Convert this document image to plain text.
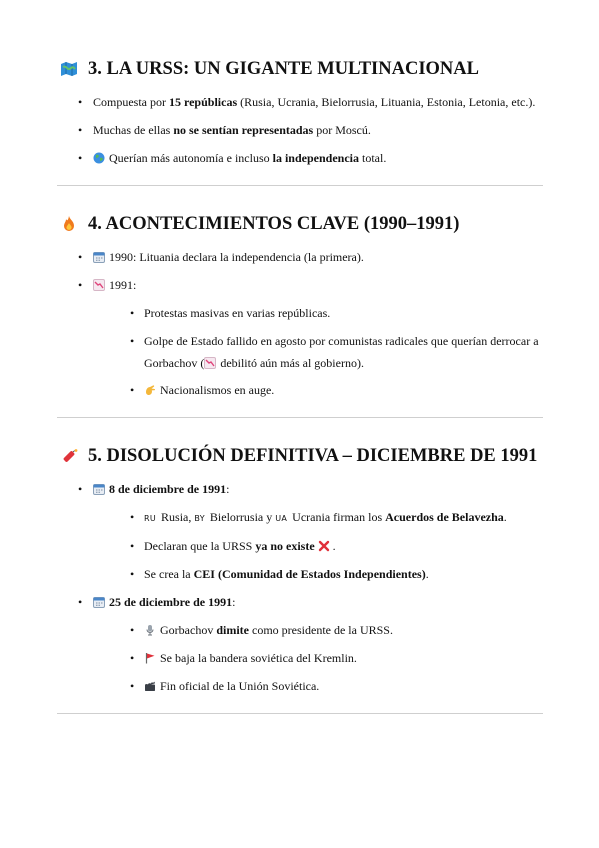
3. LA URSS: UN GIGANTE MULTINACIONAL
• Compuesta por 15 repúblicas (Rusia, Ucrania, Bielorrusia, Lituania, Estonia, Letonia, etc.).
• Muchas de ellas no se sentían representadas por Moscú.
• Querían más autonomía e incluso la independencia total.
4. ACONTECIMIENTOS CLAVE (1990–1991)
• 1990: Lituania declara la independencia (la primera).
• 1991:
• Protestas masivas en varias repúblicas.
• Golpe de Estado fallido en agosto por comunistas radicales que querían derrocar a Gorbachov ( debilitó aún más al gobierno).
• Nacionalismos en auge.
5. DISOLUCIÓN DEFINITIVA – DICIEMBRE DE 1991
• 8 de diciembre de 1991:
• RU Rusia, BY Bielorrusia y UA Ucrania firman los Acuerdos de Belavezha.
• Declaran que la URSS ya no existe  .
• Se crea la CEI (Comunidad de Estados Independientes).
• 25 de diciembre de 1991:
• Gorbachov dimite como presidente de la URSS.
• Se baja la bandera soviética del Kremlin.
• Fin oficial de la Unión Soviética.
